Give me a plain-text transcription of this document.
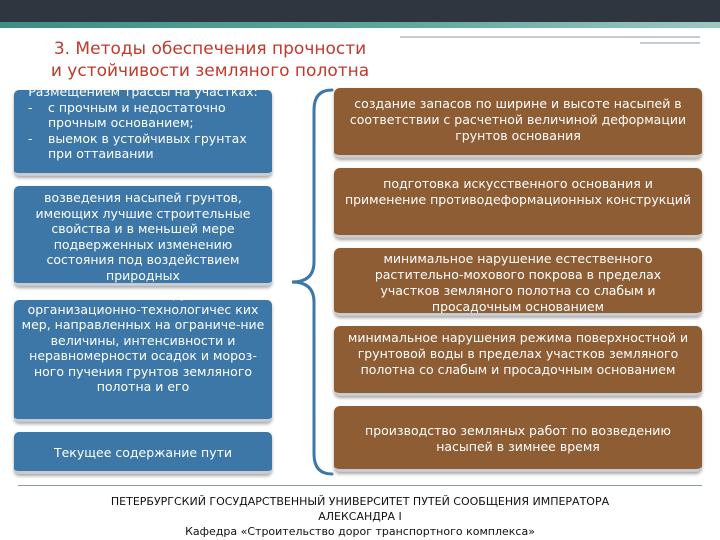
3. Методы обеспечения прочности
и устойчивости земляного полотна
Размещением трассы на участках:
- с прочным и недостаточно прочным основанием;
- выемок в устойчивых грунтах при оттаивании
возведения насыпей грунтов, имеющих лучшие строительные свойства и в меньшей мере подверженных изменению состояния под воздействием природных
использование конструктивных и организационно-технологичес ких мер, направленных на ограниче-ние величины, интенсивности и неравномерности осадок и мороз-ного пучения грунтов земляного полотна и его
Текущее содержание пути
создание запасов по ширине и высоте насыпей в соответствии с расчетной величиной деформации грунтов основания
подготовка искусственного основания и применение противодеформационных конструкций
минимальное нарушение естественного растительно-мохового покрова в пределах участков земляного полотна со слабым и просадочным основанием
минимальное нарушения режима поверхностной и грунтовой воды в пределах участков земляного полотна со слабым и просадочным основанием
производство земляных работ по возведению насыпей в зимнее время
ПЕТЕРБУРГСКИЙ ГОСУДАРСТВЕННЫЙ УНИВЕРСИТЕТ ПУТЕЙ СООБЩЕНИЯ ИМПЕРАТОРА
АЛЕКСАНДРА I
Кафедра «Строительство дорог транспортного комплекса»
